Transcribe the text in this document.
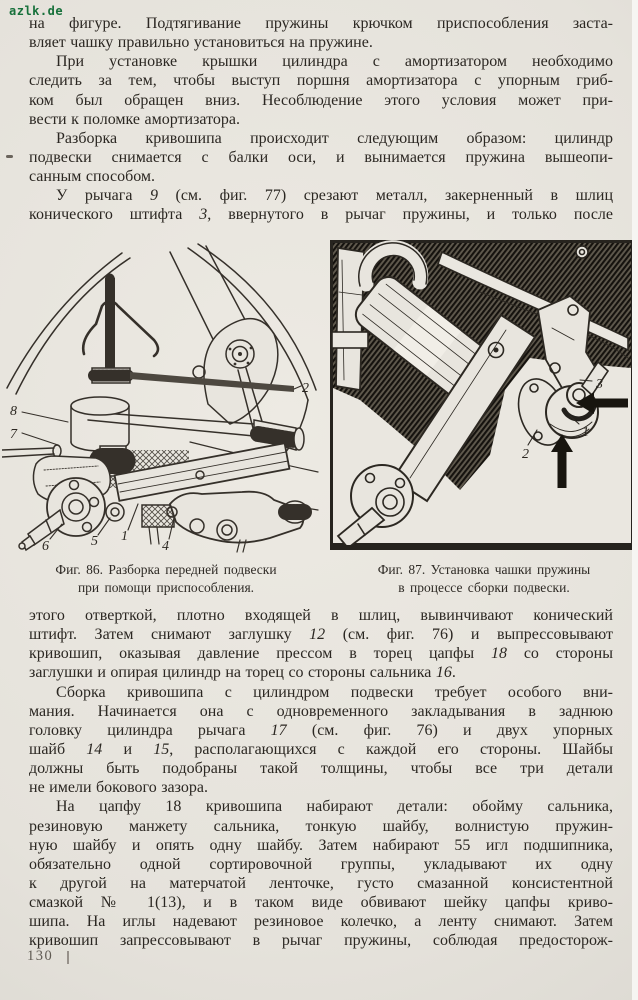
azlk.de
на фигуре. Подтягивание пружины крючком приспособления заста-
вляет чашку правильно установиться на пружине.
При установке крышки цилиндра с амортизатором необходимо
следить за тем, чтобы выступ поршня амортизатора с упорным гриб-
ком был обращен вниз. Несоблюдение этого условия может при-
вести к поломке амортизатора.
Разборка кривошипа происходит следующим образом: цилиндр
подвески снимается с балки оси, и вынимается пружина вышеопи-
санным способом.
У рычага 9 (см. фиг. 77) срезают металл, закерненный в шлиц
конического штифта 3, ввернутого в рычаг пружины, и только после
2
8
7
6	5 1
4
3
1
2
Фиг. 86. Разборка передней подвески
при помощи приспособления.
Фиг. 87. Установка чашки пружины
в процессе сборки подвески.
этого отверткой, плотно входящей в шлиц, вывинчивают конический
штифт. Затем снимают заглушку 12 (см. фиг. 76) и выпрессовывают
кривошип, оказывая давление прессом в торец цапфы 18 со стороны
заглушки и опирая цилиндр на торец со стороны сальника 16.
Сборка кривошипа с цилиндром подвески требует особого вни-
мания. Начинается она с одновременного закладывания в заднюю
головку цилиндра рычага 17 (см. фиг. 76) и двух упорных
шайб 14 и 15, располагающихся с каждой его стороны. Шайбы
должны быть подобраны такой толщины, чтобы все три детали
не имели бокового зазора.
На цапфу 18 кривошипа набирают детали: обойму сальника,
резиновую манжету сальника, тонкую шайбу, волнистую пружин-
ную шайбу и опять одну шайбу. Затем набирают 55 игл подшипника,
обязательно одной сортировочной группы, укладывают их одну
к другой на матерчатой ленточке, густо смазанной консистентной
смазкой № 1(13), и в таком виде обвивают шейку цапфы криво-
шипа. На иглы надевают резиновое колечко, а ленту снимают. Затем
кривошип запрессовывают в рычаг пружины, соблюдая предосторож-
130
